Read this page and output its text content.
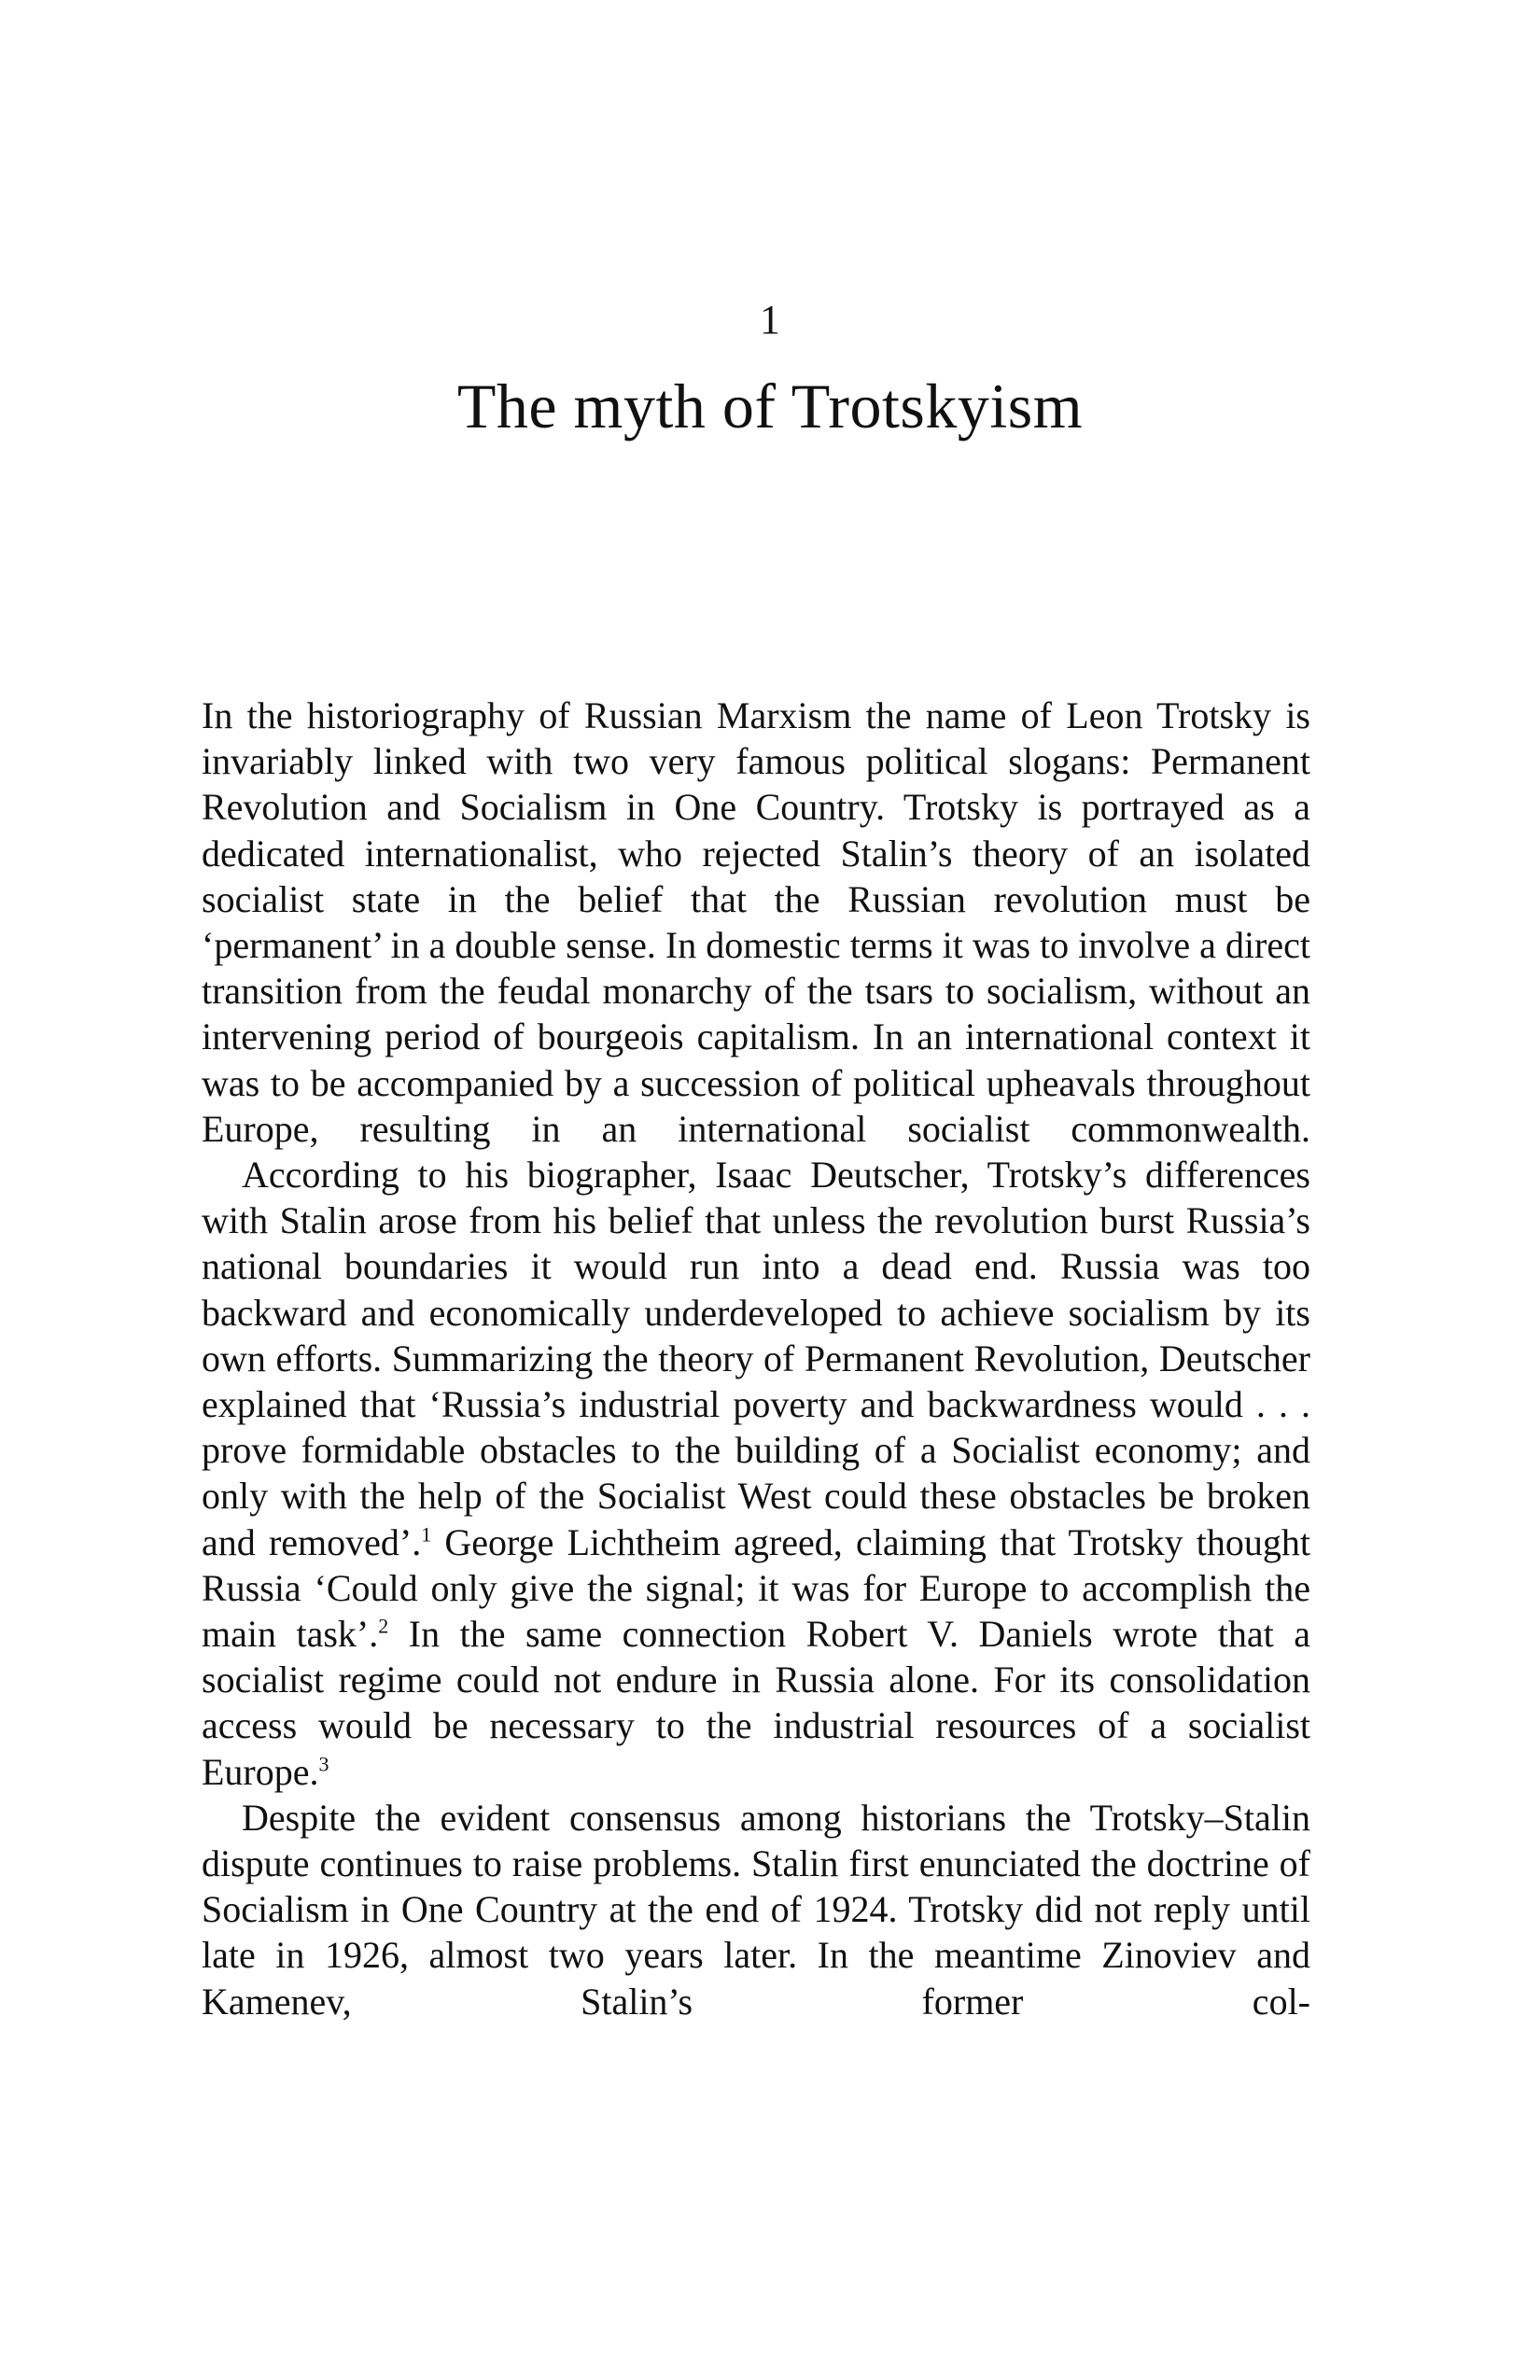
1
The myth of Trotskyism

In the historiography of Russian Marxism the name of Leon Trotsky is invariably linked with two very famous political slogans: Permanent Revolution and Socialism in One Country. Trotsky is portrayed as a dedicated internationalist, who rejected Stalin’s theory of an isolated socialist state in the belief that the Russian revolution must be ‘permanent’ in a double sense. In domestic terms it was to involve a direct transition from the feudal monarchy of the tsars to socialism, without an intervening period of bourgeois capitalism. In an international context it was to be accompanied by a succession of political upheavals throughout Europe, resulting in an international socialist commonwealth.

According to his biographer, Isaac Deutscher, Trotsky’s differences with Stalin arose from his belief that unless the revolution burst Russia’s national boundaries it would run into a dead end. Russia was too backward and economically underdeveloped to achieve socialism by its own efforts. Summarizing the theory of Permanent Revolution, Deutscher explained that ‘Russia’s industrial poverty and backwardness would . . . prove formidable obstacles to the building of a Socialist economy; and only with the help of the Socialist West could these obstacles be broken and removed’.$^1$ George Lichtheim agreed, claiming that Trotsky thought Russia ‘Could only give the signal; it was for Europe to accomplish the main task’.$^2$ In the same connection Robert V. Daniels wrote that a socialist regime could not endure in Russia alone. For its consolidation access would be necessary to the industrial resources of a socialist Europe.$^3$

Despite the evident consensus among historians the Trotsky–Stalin dispute continues to raise problems. Stalin first enunciated the doctrine of Socialism in One Country at the end of 1924. Trotsky did not reply until late in 1926, almost two years later. In the meantime Zinoviev and Kamenev, Stalin’s former col-
